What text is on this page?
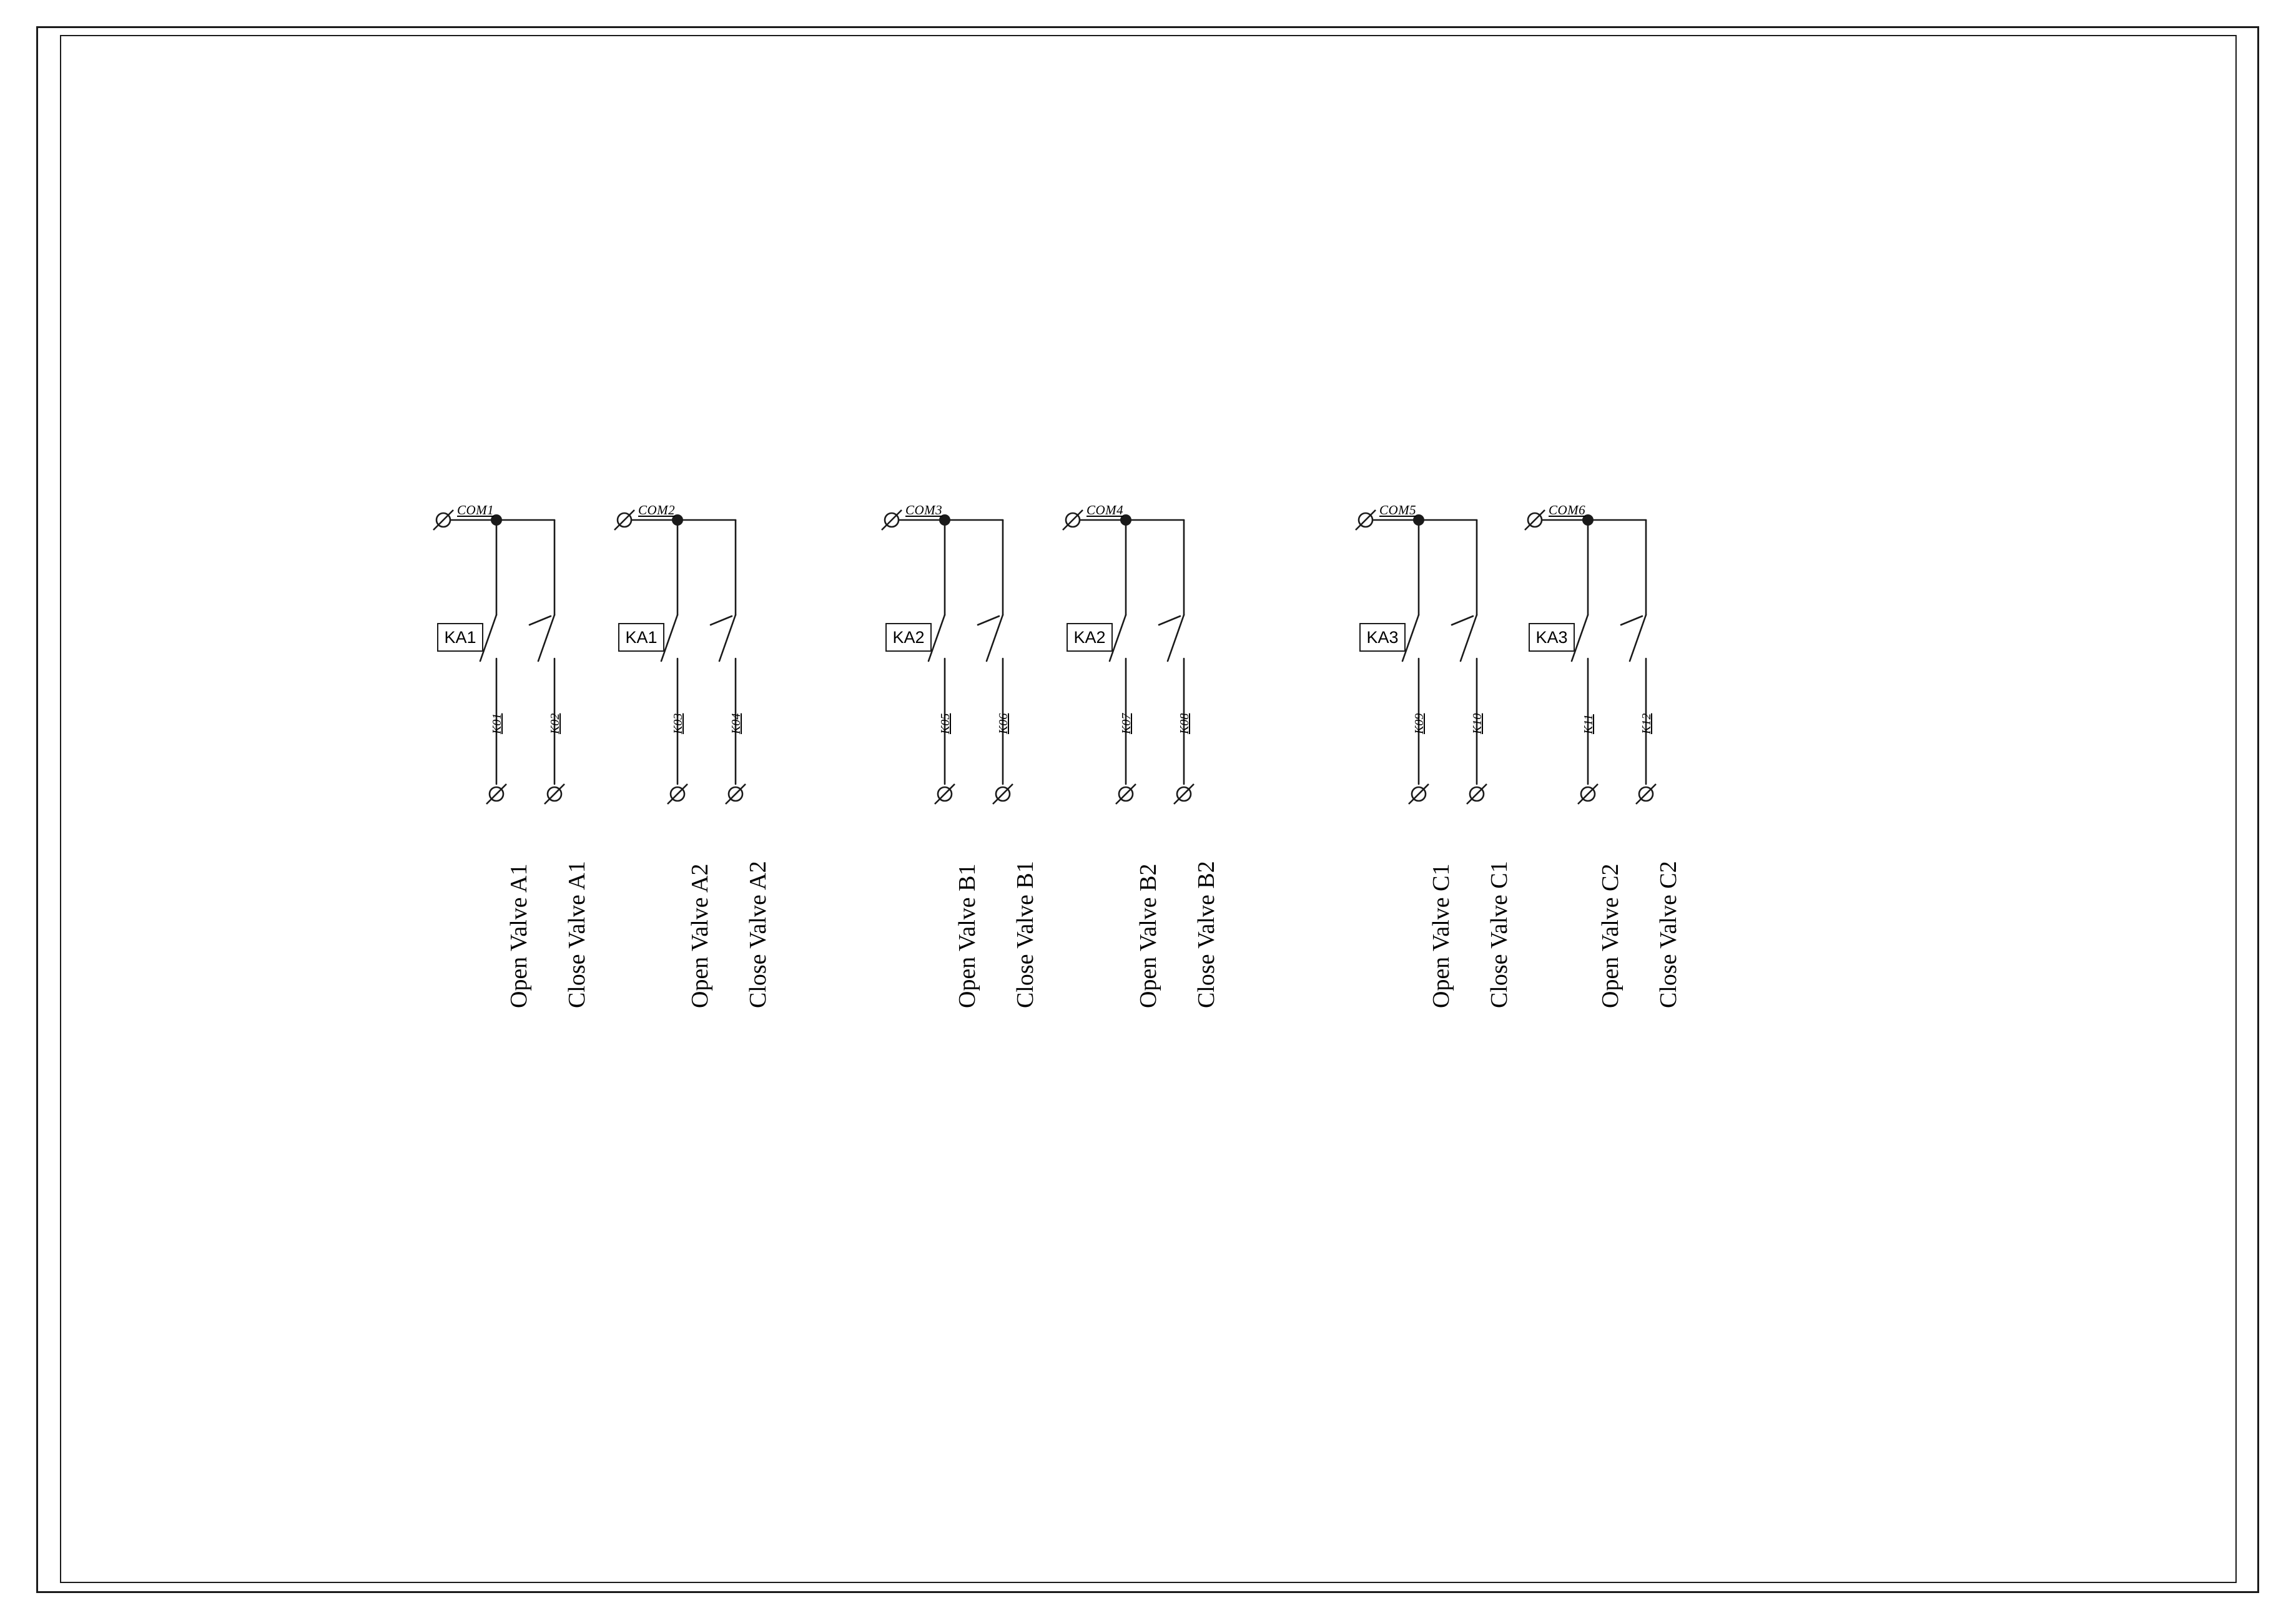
COM1
K01
Open Valve A1
K02
Close Valve A1
KA1
COM2
K03
Open Valve A2
K04
Close Valve A2
KA1
COM3
K05
Open Valve B1
K06
Close Valve B1
KA2
COM4
K07
Open Valve B2
K08
Close Valve B2
KA2
COM5
K09
Open Valve C1
K10
Close Valve C1
KA3
COM6
K11
Open Valve C2
K12
Close Valve C2
KA3
